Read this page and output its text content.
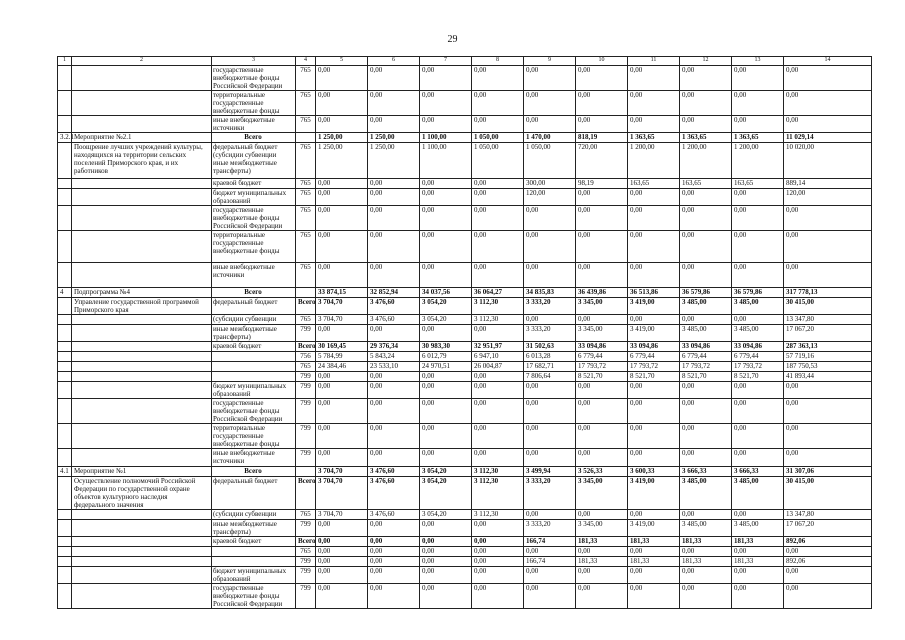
29
1	2	3	4	5	6	7	8	9	10	11	12	13	14
		государственные внебюджетные фонды Российской Федерации	765	0,00	0,00	0,00	0,00	0,00	0,00	0,00	0,00	0,00	0,00
		территориальные государственные внебюджетные фонды	765	0,00	0,00	0,00	0,00	0,00	0,00	0,00	0,00	0,00	0,00
		иные внебюджетные источники	765	0,00	0,00	0,00	0,00	0,00	0,00	0,00	0,00	0,00	0,00
3.2.1	Мероприятие №2.1	Всего		1 250,00	1 250,00	1 100,00	1 050,00	1 470,00	818,19	1 363,65	1 363,65	1 363,65	11 029,14
	Поощрение лучших учреждений культуры, находящихся на территории сельских поселений Приморского края, и их работников	федеральный бюджет (субсидии субвенции иные межбюджетные трансферты)	765	1 250,00	1 250,00	1 100,00	1 050,00	1 050,00	720,00	1 200,00	1 200,00	1 200,00	10 020,00
		краевой бюджет	765	0,00	0,00	0,00	0,00	300,00	98,19	163,65	163,65	163,65	889,14
		бюджет муниципальных образований	765	0,00	0,00	0,00	0,00	120,00	0,00	0,00	0,00	0,00	120,00
		государственные внебюджетные фонды Российской Федерации	765	0,00	0,00	0,00	0,00	0,00	0,00	0,00	0,00	0,00	0,00
		территориальные государственные внебюджетные фонды	765	0,00	0,00	0,00	0,00	0,00	0,00	0,00	0,00	0,00	0,00
		иные внебюджетные источники	765	0,00	0,00	0,00	0,00	0,00	0,00	0,00	0,00	0,00	0,00
4	Подпрограмма №4	Всего		33 874,15	32 852,94	34 037,56	36 064,27	34 835,83	36 439,86	36 513,86	36 579,86	36 579,86	317 778,13
	Управление государственной программой Приморского края	федеральный бюджет	Всего	3 704,70	3 476,60	3 054,20	3 112,30	3 333,20	3 345,00	3 419,00	3 485,00	3 485,00	30 415,00
		(субсидии субвенции	765	3 704,70	3 476,60	3 054,20	3 112,30	0,00	0,00	0,00	0,00	0,00	13 347,80
		иные межбюджетные трансферты)	799	0,00	0,00	0,00	0,00	3 333,20	3 345,00	3 419,00	3 485,00	3 485,00	17 067,20
		краевой бюджет	Всего	30 169,45	29 376,34	30 983,30	32 951,97	31 502,63	33 094,86	33 094,86	33 094,86	33 094,86	287 363,13
			756	5 784,99	5 843,24	6 012,79	6 947,10	6 013,28	6 779,44	6 779,44	6 779,44	6 779,44	57 719,16
			765	24 384,46	23 533,10	24 970,51	26 004,87	17 682,71	17 793,72	17 793,72	17 793,72	17 793,72	187 750,53
			799	0,00	0,00	0,00	0,00	7 806,64	8 521,70	8 521,70	8 521,70	8 521,70	41 893,44
		бюджет муниципальных образований	799	0,00	0,00	0,00	0,00	0,00	0,00	0,00	0,00	0,00	0,00
		государственные внебюджетные фонды Российской Федерации	799	0,00	0,00	0,00	0,00	0,00	0,00	0,00	0,00	0,00	0,00
		территориальные государственные внебюджетные фонды	799	0,00	0,00	0,00	0,00	0,00	0,00	0,00	0,00	0,00	0,00
		иные внебюджетные источники	799	0,00	0,00	0,00	0,00	0,00	0,00	0,00	0,00	0,00	0,00
4.1	Мероприятие №1	Всего		3 704,70	3 476,60	3 054,20	3 112,30	3 499,94	3 526,33	3 600,33	3 666,33	3 666,33	31 307,06
	Осуществление полномочий Российской Федерации по государственной охране объектов культурного наследия федерального значения	федеральный бюджет	Всего	3 704,70	3 476,60	3 054,20	3 112,30	3 333,20	3 345,00	3 419,00	3 485,00	3 485,00	30 415,00
		(субсидии субвенции	765	3 704,70	3 476,60	3 054,20	3 112,30	0,00	0,00	0,00	0,00	0,00	13 347,80
		иные межбюджетные трансферты)	799	0,00	0,00	0,00	0,00	3 333,20	3 345,00	3 419,00	3 485,00	3 485,00	17 067,20
		краевой бюджет	Всего	0,00	0,00	0,00	0,00	166,74	181,33	181,33	181,33	181,33	892,06
			765	0,00	0,00	0,00	0,00	0,00	0,00	0,00	0,00	0,00	0,00
			799	0,00	0,00	0,00	0,00	166,74	181,33	181,33	181,33	181,33	892,06
		бюджет муниципальных образований	799	0,00	0,00	0,00	0,00	0,00	0,00	0,00	0,00	0,00	0,00
		государственные внебюджетные фонды Российской Федерации	799	0,00	0,00	0,00	0,00	0,00	0,00	0,00	0,00	0,00	0,00
